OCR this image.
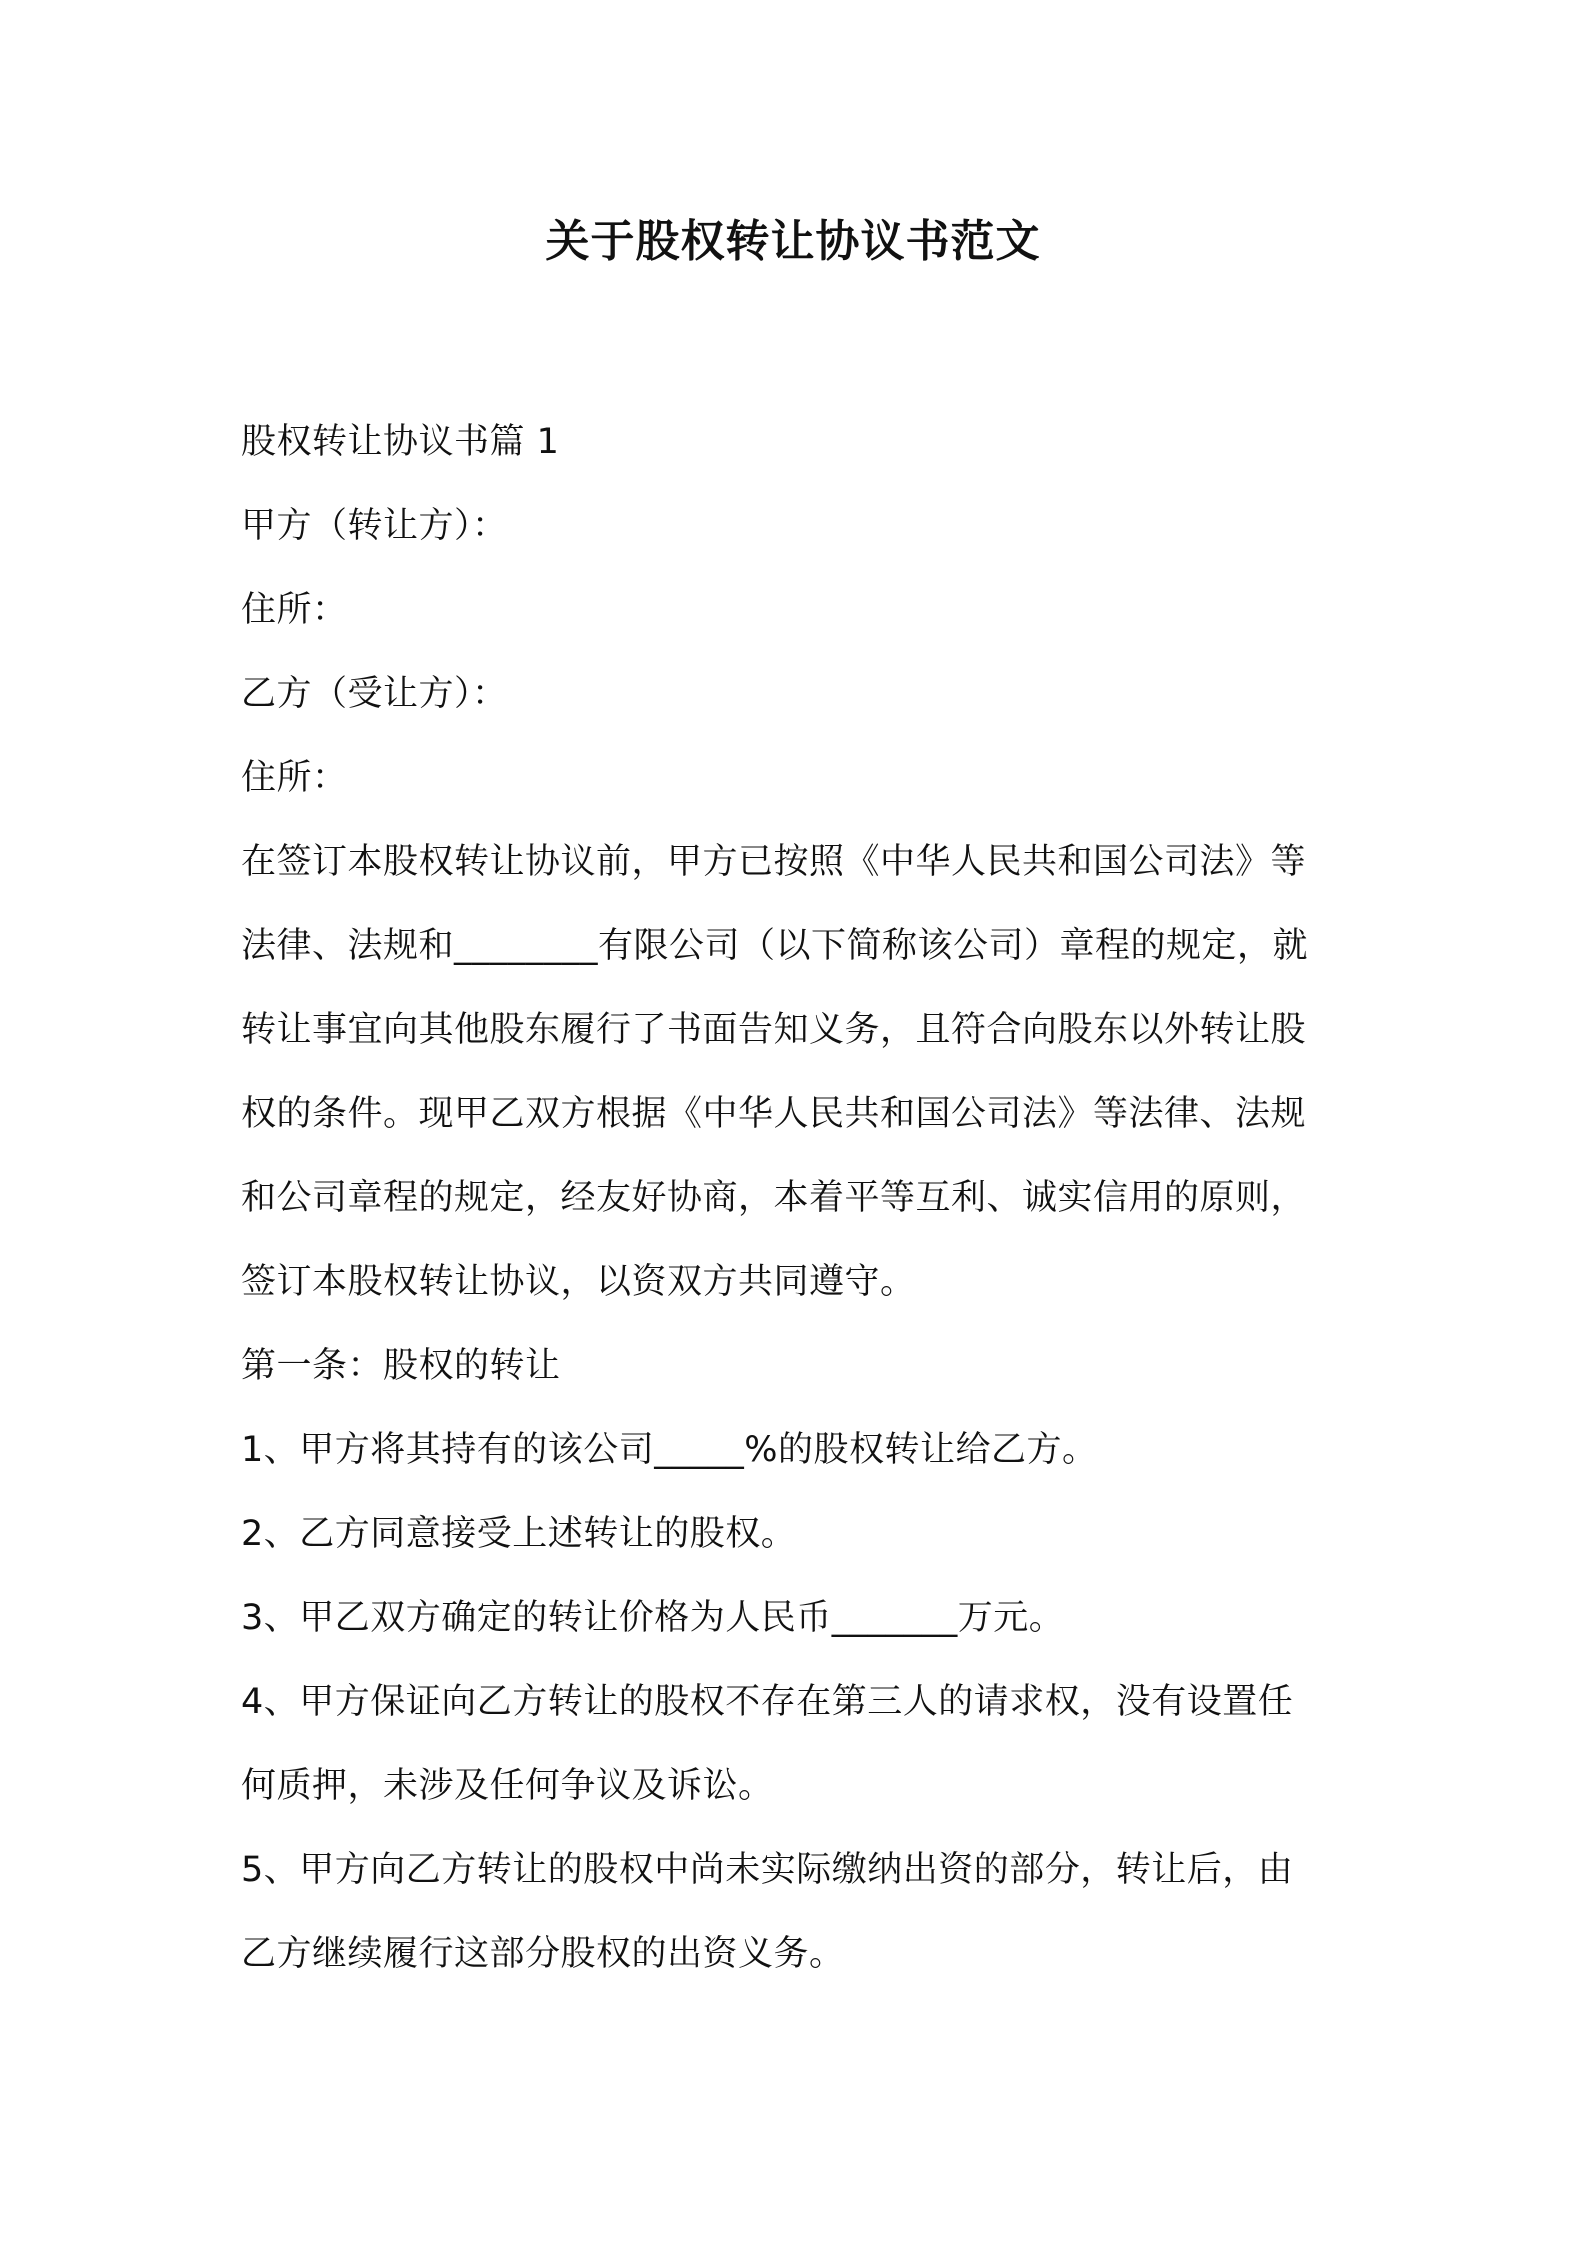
关于股权转让协议书范文

股权转让协议书篇 1

甲方（转让方）：

住所：

乙方（受让方）：

住所：

在签订本股权转让协议前，甲方已按照《中华人民共和国公司法》等

法律、法规和________有限公司（以下简称该公司）章程的规定，就

转让事宜向其他股东履行了书面告知义务，且符合向股东以外转让股

权的条件。现甲乙双方根据《中华人民共和国公司法》等法律、法规

和公司章程的规定，经友好协商，本着平等互利、诚实信用的原则，

签订本股权转让协议，以资双方共同遵守。

第一条：股权的转让

1、甲方将其持有的该公司_____%的股权转让给乙方。

2、乙方同意接受上述转让的股权。

3、甲乙双方确定的转让价格为人民币_______万元。

4、甲方保证向乙方转让的股权不存在第三人的请求权，没有设置任

何质押，未涉及任何争议及诉讼。

5、甲方向乙方转让的股权中尚未实际缴纳出资的部分，转让后，由

乙方继续履行这部分股权的出资义务。
